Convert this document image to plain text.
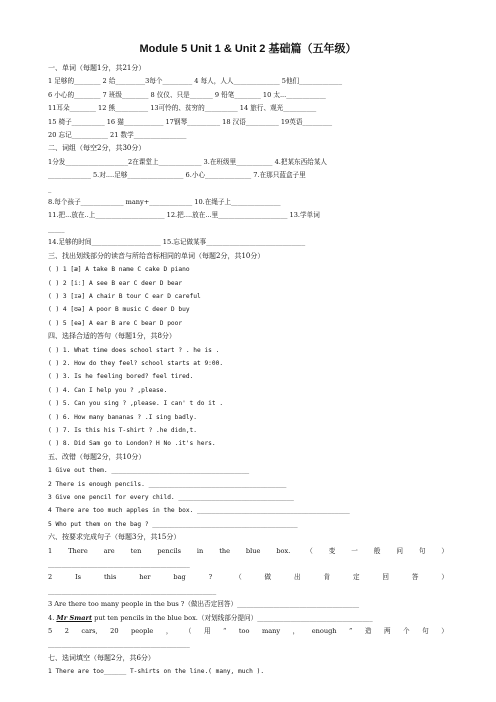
Module 5 Unit 1 & Unit 2 基础篇（五年级）
一、单词（每题1分，共21分）
1 足够的________ 2 给_________3每个_________ 4 每人，人人______________ 5他们_____________
6 小心的________ 7 班级________ 8 仪仪、只是_______ 9 铅笔________ 10 太...____________
11耳朵________ 12 熊__________ 13可怜的、贫穷的__________ 14 旅行、观光__________
15 椅子__________ 16 猫____________ 17钢琴__________ 18 汉语__________ 19英语_________
20 忘记___________ 21 数学________________
二、词组（每空2分，共30分）
1分发___________________2在课堂上_____________ 3.在班级里___________ 4.把某东西给某人
_____________ 5.对....足够_________________ 6.小心______________ 7.在那只蓝盒子里
_
8.每个孩子_____________ many+_____________ 10.在绳子上_______________
11.把...放在..上_____________________ 12.把....放在...里_____________________ 13.学单词
_____
14.足够的时间_____________________ 15.忘记做某事______________________________
三、找出划线部分的读音与所给音标相同的单词（每题2分，共10分）
( ) 1 [æ] A take B name C cake D piano
( ) 2 [iː] A see B ear C deer D bear
( ) 3 [ɪə] A chair B tour C ear D careful
( ) 4 [ʊə] A poor B music C deer D buy
( ) 5 [eə] A ear B are C bear D poor
四、选择合适的答句（每题1分，共8分）
( ) 1. What time does school start ? . he is .
( ) 2. How do they feel? school starts at 9:00.
( ) 3. Is he feeling bored? feel tired.
( ) 4. Can I help you ? ,please.
( ) 5. Can you sing ? ,please. I can' t do it .
( ) 6. How many bananas ? .I sing badly.
( ) 7. Is this his T-shirt ? .he didn,t.
( ) 8. Did Sam go to London? H No .it's hers.
五、改错（每题2分，共10分）
1 Give out them. _____________________________________
2 There is enough pencils. _____________________________________
3 Give one pencil for every child. _______________________________
4 There are too much apples in the box. _________________________________________
5 Who put them on the bag ? _______________________________________
六、按要求完成句子（每题3分，共15分）
1 There are ten pencils in the blue box. （ 变 一 般 问 句 ）
___________________________________________
2	Is	this	her	bag	?	（	做	出	肯	定	回	答	）
___________________________________________________
3 Are there too many people in the bus ?（做出否定回答）_____________________________________
4. Mr Smart put ten pencils in the blue box.（对划线部分提问）___________________________________
5 2 cars, 20 people ， （ 用 “ too many ， enough ” 造 两 个 句 ）
___________________________________________
七、选词填空（每题2分，共6分）
1 There are too______ T-shirts on the line.( many, much ).
